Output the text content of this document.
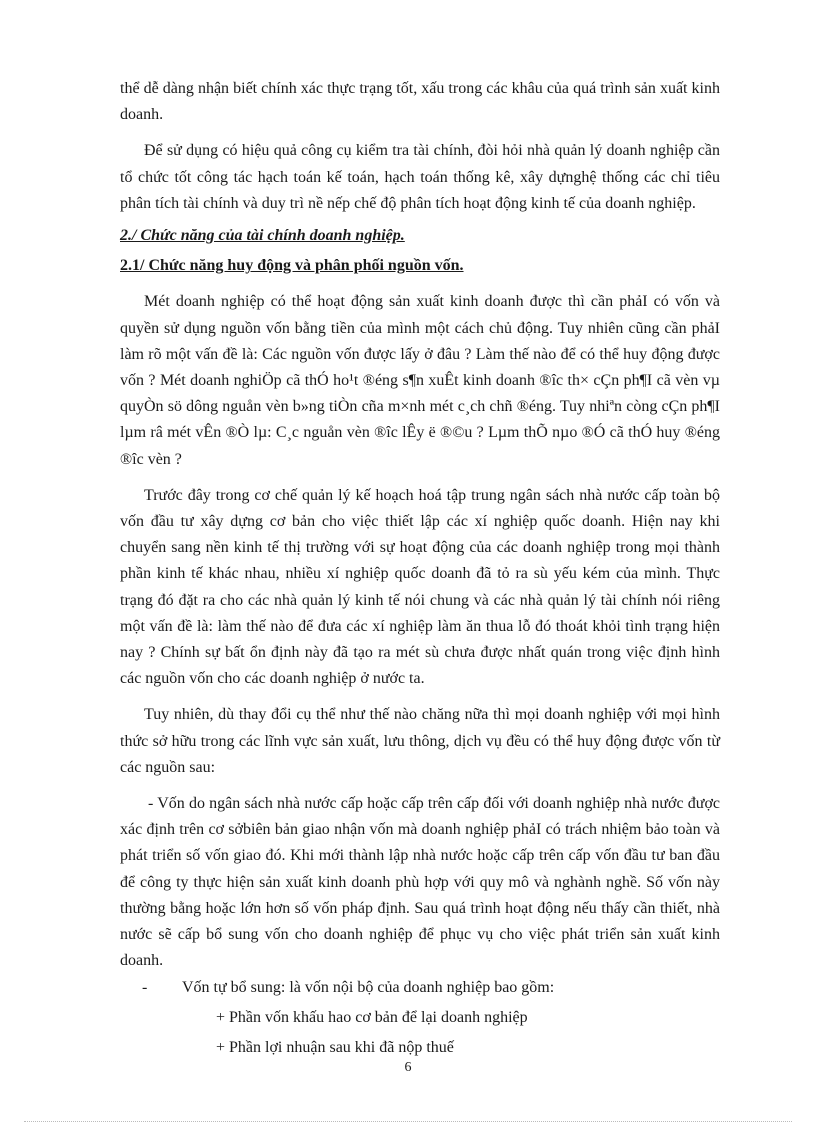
thể dễ dàng nhận biết chính xác thực trạng tốt, xấu trong các khâu của quá trình sản xuất kinh doanh.

Để sử dụng có hiệu quả công cụ kiểm tra tài chính, đòi hỏi nhà quản lý doanh nghiệp cần tổ chức tốt công tác hạch toán kế toán, hạch toán thống kê, xây dựnghệ thống các chỉ tiêu phân tích tài chính và duy trì nề nếp chế độ phân tích hoạt động kinh tế của doanh nghiệp.

2./ Chức năng của tài chính doanh nghiệp.

2.1/ Chức năng huy động và phân phối nguồn vốn.

Mét doanh nghiệp có thể hoạt động sản xuất kinh doanh được thì cần phảI có vốn và quyền sử dụng nguồn vốn bằng tiền của mình một cách chủ động. Tuy nhiên cũng cần phảI làm rõ một vấn đề là: Các nguồn vốn được lấy ở đâu ? Làm thế nào để có thể huy động được vốn ? Mét doanh nghiÖp cã thÓ ho¹t ®éng s¶n xuÊt kinh doanh ®îc th× cÇn ph¶I cã vèn vµ quyÒn sö dông nguån vèn b»ng tiÒn cña m×nh mét c¸ch chñ ®éng. Tuy nhiªn còng cÇn ph¶I lµm râ mét vÊn ®Ò lµ: C¸c nguån vèn ®îc lÊy ë ®©u ? Lµm thÕ nµo ®Ó cã thÓ huy ®éng ®îc vèn ?

Trước đây trong cơ chế quản lý kế hoạch hoá tập trung ngân sách nhà nước cấp toàn bộ vốn đầu tư xây dựng cơ bản cho việc thiết lập các xí nghiệp quốc doanh. Hiện nay khi chuyển sang nền kinh tế thị trường với sự hoạt động của các doanh nghiệp trong mọi thành phần kinh tế khác nhau, nhiều xí nghiệp quốc doanh đã tỏ ra sù yếu kém của mình. Thực trạng đó đặt ra cho các nhà quản lý kinh tế nói chung và các nhà quản lý tài chính nói riêng một vấn đề là: làm thế nào để đưa các xí nghiệp làm ăn thua lỗ đó thoát khỏi tình trạng hiện nay ? Chính sự bất ổn định này đã tạo ra mét sù chưa được nhất quán trong việc định hình các nguồn vốn cho các doanh nghiệp ở nước ta.

Tuy nhiên, dù thay đổi cụ thể như thế nào chăng nữa thì mọi doanh nghiệp với mọi hình thức sở hữu trong các lĩnh vực sản xuất, lưu thông, dịch vụ đều có thể huy động được vốn từ các nguồn sau:

- Vốn do ngân sách nhà nước cấp hoặc cấp trên cấp đối với doanh nghiệp nhà nước được xác định trên cơ sởbiên bản giao nhận vốn mà doanh nghiệp phảI có trách nhiệm bảo toàn và phát triển số vốn giao đó. Khi mới thành lập nhà nước hoặc cấp trên cấp vốn đầu tư ban đầu để công ty thực hiện sản xuất kinh doanh phù hợp với quy mô và nghành nghề. Số vốn này thường bằng hoặc lớn hơn số vốn pháp định. Sau quá trình hoạt động nếu thấy cần thiết, nhà nước sẽ cấp bổ sung vốn cho doanh nghiệp để phục vụ cho việc phát triển sản xuất kinh doanh.

-	Vốn tự bổ sung: là vốn nội bộ của doanh nghiệp bao gồm:

+ Phần vốn khấu hao cơ bản để lại doanh nghiệp

+ Phần lợi nhuận sau khi đã nộp thuế

6
